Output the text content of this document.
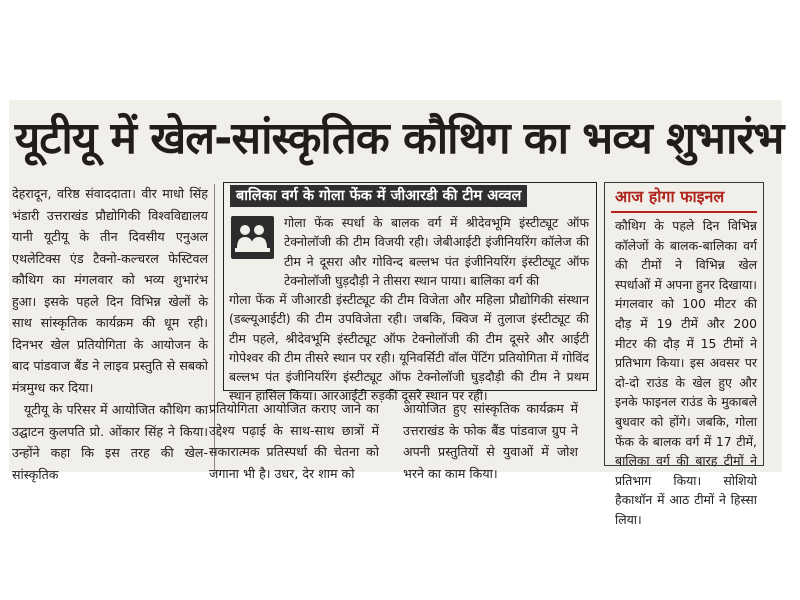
यूटीयू में खेल-सांस्कृतिक कौथिग का भव्य शुभारंभ

देहरादून, वरिष्ठ संवाददाता। वीर माधो सिंह भंडारी उत्तराखंड प्रौद्योगिकी विश्वविद्यालय यानी यूटीयू के तीन दिवसीय एनुअल एथलेटिक्स एंड टैक्नो-कल्चरल फेस्टिवल कौथिग का मंगलवार को भव्य शुभारंभ हुआ। इसके पहले दिन विभिन्न खेलों के साथ सांस्कृतिक कार्यक्रम की धूम रही। दिनभर खेल प्रतियोगिता के आयोजन के बाद पांडवाज बैंड ने लाइव प्रस्तुति से सबको मंत्रमुग्ध कर दिया।

यूटीयू के परिसर में आयोजित कौथिग का उद्घाटन कुलपति प्रो. ओंकार सिंह ने किया। उन्होंने कहा कि इस तरह की खेल-सांस्कृतिक

बालिका वर्ग के गोला फेंक में जीआरडी की टीम अव्वल
गोला फेंक स्पर्धा के बालक वर्ग में श्रीदेवभूमि इंस्टीट्यूट ऑफ टेक्नोलॉजी की टीम विजयी रही। जेबीआईटी इंजीनियरिंग कॉलेज की टीम ने दूसरा और गोविन्द बल्लभ पंत इंजीनियरिंग इंस्टीट्यूट ऑफ टेक्नोलॉजी घुड़दौड़ी ने तीसरा स्थान पाया। बालिका वर्ग की
गोला फेंक में जीआरडी इंस्टीट्यूट की टीम विजेता और महिला प्रौद्योगिकी संस्थान (डब्ल्यूआईटी) की टीम उपविजेता रही। जबकि, क्विज में तुलाज इंस्टीट्यूट की टीम पहले, श्रीदेवभूमि इंस्टीट्यूट ऑफ टेक्नोलॉजी की टीम दूसरे और आईटी गोपेश्वर की टीम तीसरे स्थान पर रही। यूनिवर्सिटी वॉल पेंटिंग प्रतियोगिता में गोविंद बल्लभ पंत इंजीनियरिंग इंस्टीट्यूट ऑफ टेक्नोलॉजी घुड़दौड़ी की टीम ने प्रथम स्थान हासिल किया। आरआईटी रुड़की दूसरे स्थान पर रही।

प्रतियोगिता आयोजित कराए जाने का उद्देश्य पढ़ाई के साथ-साथ छात्रों में सकारात्मक प्रतिस्पर्धा की चेतना को जगाना भी है। उधर, देर शाम को

आयोजित हुए सांस्कृतिक कार्यक्रम में उत्तराखंड के फोक बैंड पांडवाज ग्रुप ने अपनी प्रस्तुतियों से युवाओं में जोश भरने का काम किया।

आज होगा फाइनल
कौथिग के पहले दिन विभिन्न कॉलेजों के बालक-बालिका वर्ग की टीमों ने विभिन्न खेल स्पर्धाओं में अपना हुनर दिखाया। मंगलवार को 100 मीटर की दौड़ में 19 टीमें और 200 मीटर की दौड़ में 15 टीमों ने प्रतिभाग किया। इस अवसर पर दो-दो राउंड के खेल हुए और इनके फाइनल राउंड के मुकाबले बुधवार को होंगे। जबकि, गोला फेंक के बालक वर्ग में 17 टीमें, बालिका वर्ग की बारह टीमों ने प्रतिभाग किया। सोशियो हैकाथॉन में आठ टीमों ने हिस्सा लिया।
